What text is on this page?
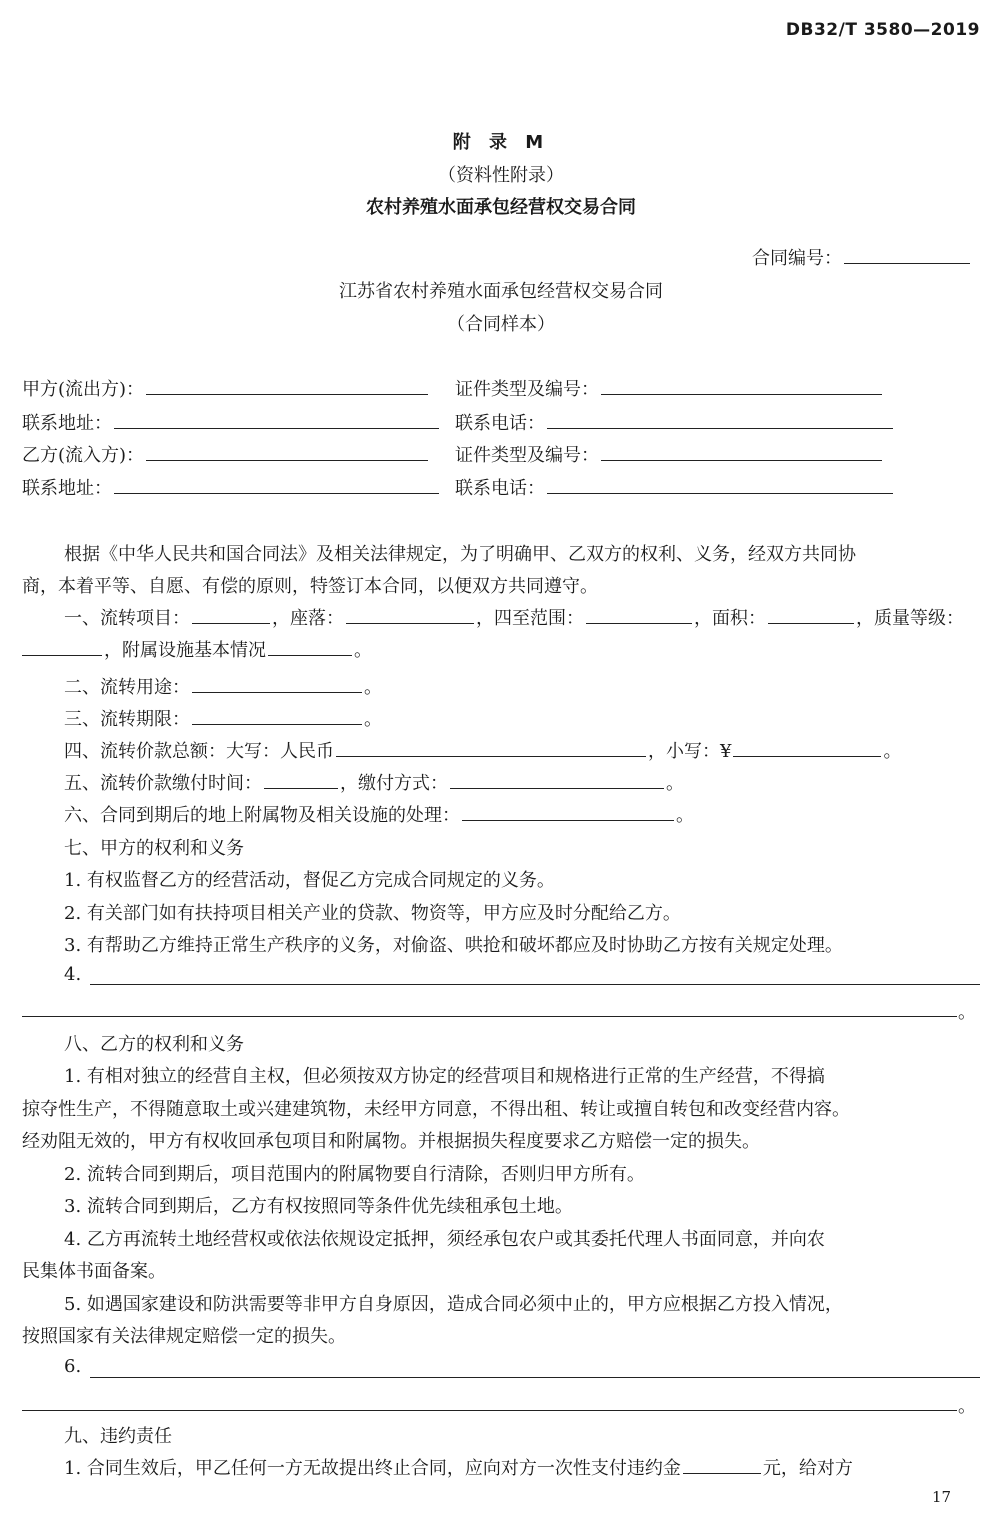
DB32/T 3580—2019
附 录 M
（资料性附录）
农村养殖水面承包经营权交易合同
合同编号：
江苏省农村养殖水面承包经营权交易合同
（合同样本）
甲方(流出方)：	证件类型及编号：
联系地址：	联系电话：
乙方(流入方)：	证件类型及编号：
联系地址：	联系电话：
根据《中华人民共和国合同法》及相关法律规定，为了明确甲、乙双方的权利、义务，经双方共同协
商，本着平等、自愿、有偿的原则，特签订本合同，以便双方共同遵守。
一、流转项目：	，座落：	，四至范围：	，面积：	，质量等级：
，附属设施基本情况	。
二、流转用途：	。
三、流转期限：	。
四、流转价款总额：大写：人民币	，小写：¥	。
五、流转价款缴付时间：	，缴付方式：	。
六、合同到期后的地上附属物及相关设施的处理：	。
七、甲方的权利和义务
1. 有权监督乙方的经营活动，督促乙方完成合同规定的义务。
2. 有关部门如有扶持项目相关产业的贷款、物资等，甲方应及时分配给乙方。
3. 有帮助乙方维持正常生产秩序的义务，对偷盗、哄抢和破坏都应及时协助乙方按有关规定处理。
4.
。
八、乙方的权利和义务
1. 有相对独立的经营自主权，但必须按双方协定的经营项目和规格进行正常的生产经营，不得搞
掠夺性生产，不得随意取土或兴建建筑物，未经甲方同意，不得出租、转让或擅自转包和改变经营内容。
经劝阻无效的，甲方有权收回承包项目和附属物。并根据损失程度要求乙方赔偿一定的损失。
2. 流转合同到期后，项目范围内的附属物要自行清除，否则归甲方所有。
3. 流转合同到期后，乙方有权按照同等条件优先续租承包土地。
4. 乙方再流转土地经营权或依法依规设定抵押，须经承包农户或其委托代理人书面同意，并向农
民集体书面备案。
5. 如遇国家建设和防洪需要等非甲方自身原因，造成合同必须中止的，甲方应根据乙方投入情况，
按照国家有关法律规定赔偿一定的损失。
6.
。
九、违约责任
1. 合同生效后，甲乙任何一方无故提出终止合同，应向对方一次性支付违约金	元，给对方
17
